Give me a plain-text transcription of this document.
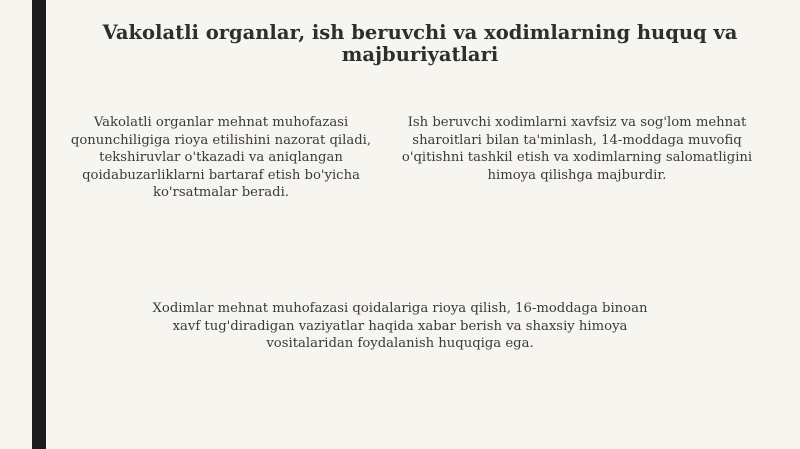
Vakolatli organlar, ish beruvchi va xodimlarning huquq va majburiyatlari

Vakolatli organlar mehnat muhofazasi qonunchiligiga rioya etilishini nazorat qiladi, tekshiruvlar o'tkazadi va aniqlangan qoidabuzarliklarni bartaraf etish bo'yicha ko'rsatmalar beradi.

Ish beruvchi xodimlarni xavfsiz va sog'lom mehnat sharoitlari bilan ta'minlash, 14-moddaga muvofiq o'qitishni tashkil etish va xodimlarning salomatligini himoya qilishga majburdir.

Xodimlar mehnat muhofazasi qoidalariga rioya qilish, 16-moddaga binoan xavf tug'diradigan vaziyatlar haqida xabar berish va shaxsiy himoya vositalaridan foydalanish huquqiga ega.
